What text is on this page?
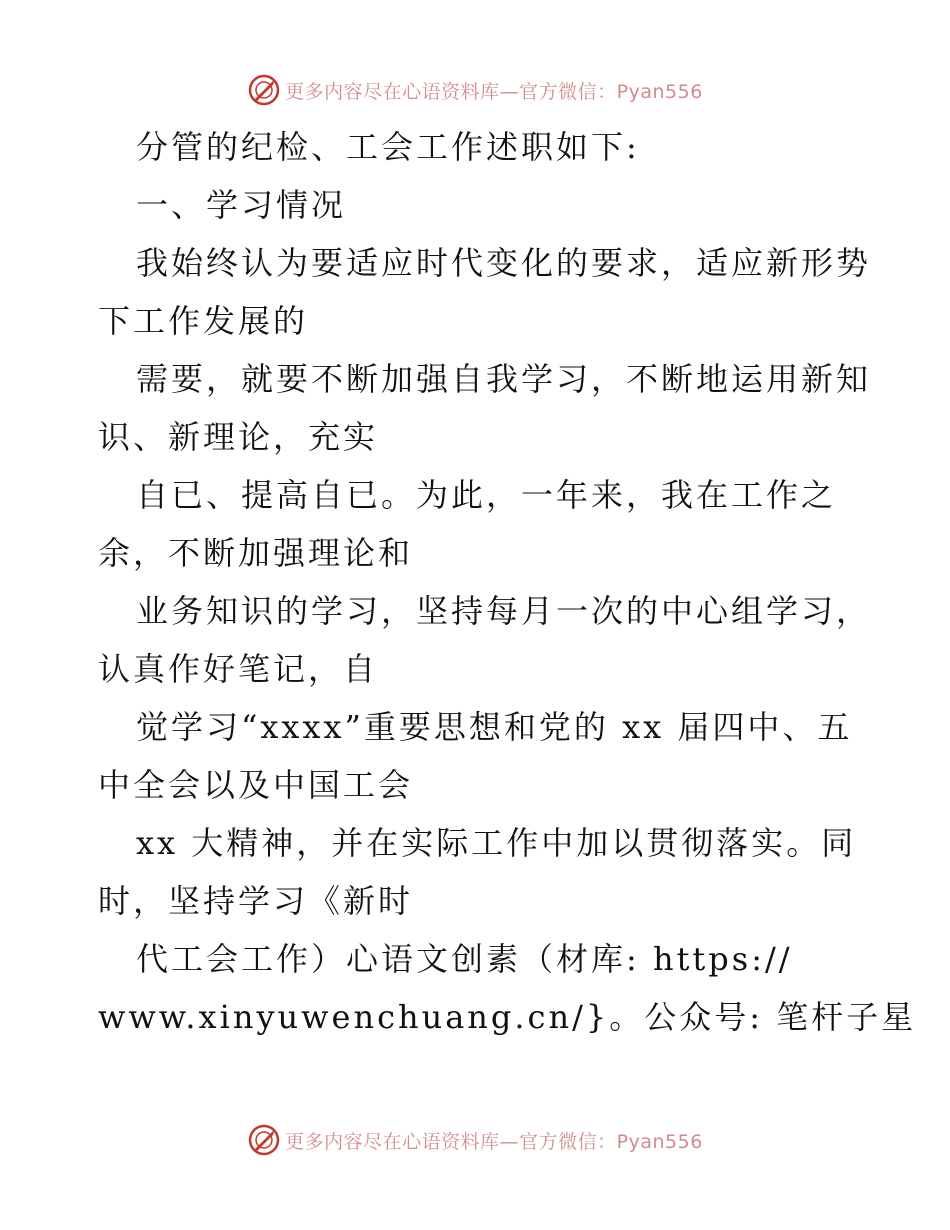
更多内容尽在心语资料库—官方微信：Pyan556
分管的纪检、工会工作述职如下:
一、学习情况
我始终认为要适应时代变化的要求，适应新形势
下工作发展的
需要，就要不断加强自我学习，不断地运用新知
识、新理论，充实
自已、提高自已。为此，一年来，我在工作之
余，不断加强理论和
业务知识的学习，坚持每月一次的中心组学习，
认真作好笔记，自
觉学习“xxxx”重要思想和党的 xx 届四中、五
中全会以及中国工会
xx 大精神，并在实际工作中加以贯彻落实。同
时，坚持学习《新时
代工会工作）心语文创素（材库: https://
www.xinyuwenchuang.cn/}。公众号: 笔杆子星
更多内容尽在心语资料库—官方微信：Pyan556
